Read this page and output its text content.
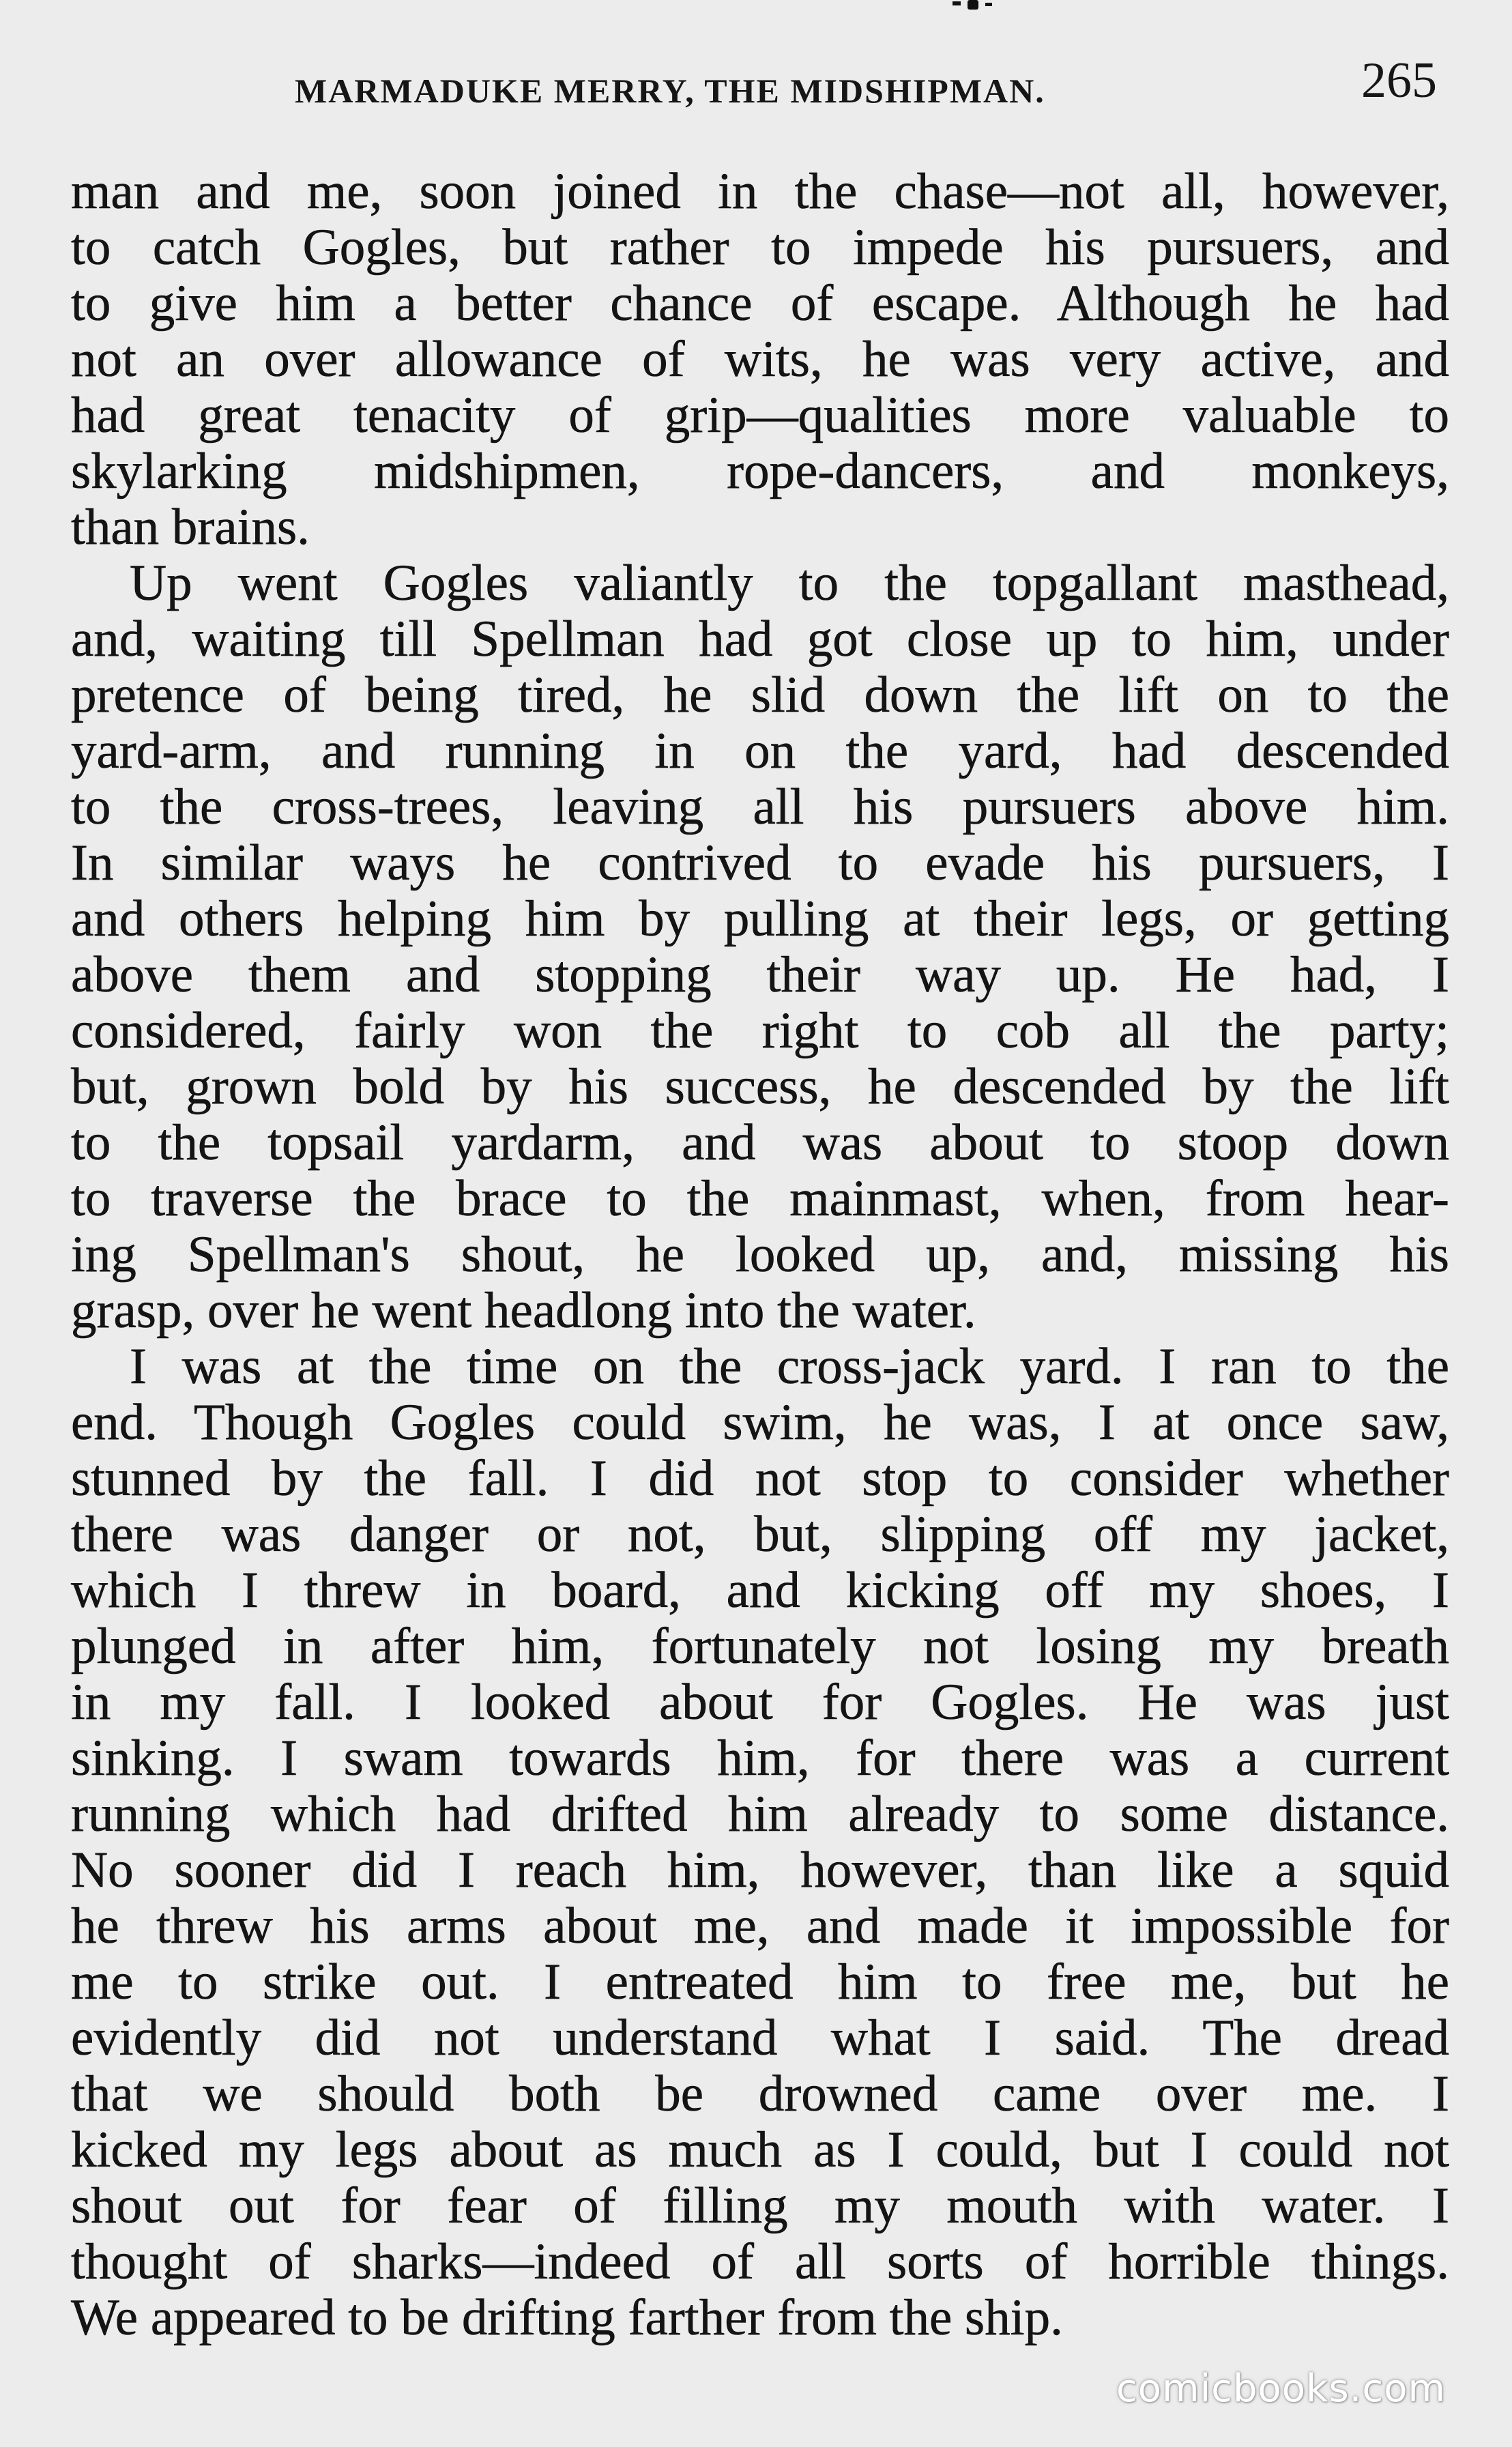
MARMADUKE MERRY, THE MIDSHIPMAN.	265
man and me, soon joined in the chase—not all, however,
to catch Gogles, but rather to impede his pursuers, and
to give him a better chance of escape. Although he had
not an over allowance of wits, he was very active, and
had great tenacity of grip—qualities more valuable to
skylarking midshipmen, rope-dancers, and monkeys,
than brains.
Up went Gogles valiantly to the topgallant masthead,
and, waiting till Spellman had got close up to him, under
pretence of being tired, he slid down the lift on to the
yard-arm, and running in on the yard, had descended
to the cross-trees, leaving all his pursuers above him.
In similar ways he contrived to evade his pursuers, I
and others helping him by pulling at their legs, or getting
above them and stopping their way up. He had, I
considered, fairly won the right to cob all the party;
but, grown bold by his success, he descended by the lift
to the topsail yardarm, and was about to stoop down
to traverse the brace to the mainmast, when, from hear-
ing Spellman's shout, he looked up, and, missing his
grasp, over he went headlong into the water.
I was at the time on the cross-jack yard. I ran to the
end. Though Gogles could swim, he was, I at once saw,
stunned by the fall. I did not stop to consider whether
there was danger or not, but, slipping off my jacket,
which I threw in board, and kicking off my shoes, I
plunged in after him, fortunately not losing my breath
in my fall. I looked about for Gogles. He was just
sinking. I swam towards him, for there was a current
running which had drifted him already to some distance.
No sooner did I reach him, however, than like a squid
he threw his arms about me, and made it impossible for
me to strike out. I entreated him to free me, but he
evidently did not understand what I said. The dread
that we should both be drowned came over me. I
kicked my legs about as much as I could, but I could not
shout out for fear of filling my mouth with water. I
thought of sharks—indeed of all sorts of horrible things.
We appeared to be drifting farther from the ship.
comicbooks.com
